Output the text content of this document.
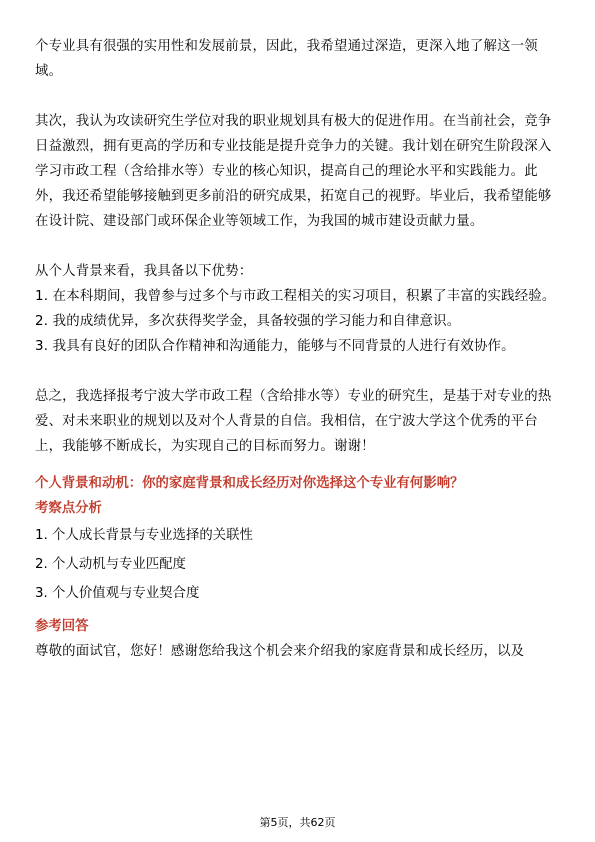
个专业具有很强的实用性和发展前景，因此，我希望通过深造，更深入地了解这一领域。

其次，我认为攻读研究生学位对我的职业规划具有极大的促进作用。在当前社会，竞争日益激烈，拥有更高的学历和专业技能是提升竞争力的关键。我计划在研究生阶段深入学习市政工程（含给排水等）专业的核心知识，提高自己的理论水平和实践能力。此外，我还希望能够接触到更多前沿的研究成果，拓宽自己的视野。毕业后，我希望能够在设计院、建设部门或环保企业等领域工作，为我国的城市建设贡献力量。

从个人背景来看，我具备以下优势：

1. 在本科期间，我曾参与过多个与市政工程相关的实习项目，积累了丰富的实践经验。

2. 我的成绩优异，多次获得奖学金，具备较强的学习能力和自律意识。

3. 我具有良好的团队合作精神和沟通能力，能够与不同背景的人进行有效协作。

总之，我选择报考宁波大学市政工程（含给排水等）专业的研究生，是基于对专业的热爱、对未来职业的规划以及对个人背景的自信。我相信，在宁波大学这个优秀的平台上，我能够不断成长，为实现自己的目标而努力。谢谢！

个人背景和动机：你的家庭背景和成长经历对你选择这个专业有何影响？
考察点分析
1. 个人成长背景与专业选择的关联性
2. 个人动机与专业匹配度
3. 个人价值观与专业契合度
参考回答

尊敬的面试官，您好！感谢您给我这个机会来介绍我的家庭背景和成长经历，以及

第5页，共62页
